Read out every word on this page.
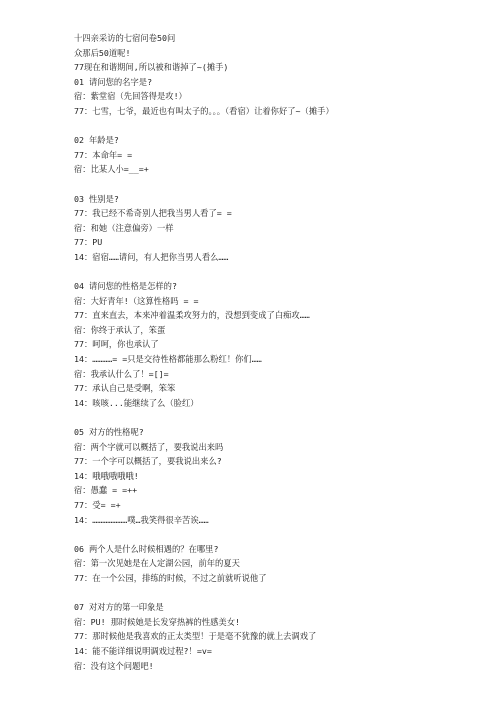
十四亲采访的七宿问卷50问
众那后50道呢!
77现在和谐期间,所以被和谐掉了~(摊手)
01 请问您的名字是?
宿：紫堂宿（先回答得是攻!）
77：七雪，七爷，最近也有叫太子的。。。（看宿）让着你好了~（摊手）
02 年龄是?
77：本命年= =
宿：比某人小=__=+
03 性别是?
77：我已经不希奇别人把我当男人看了= =
宿：和她（注意偏旁）一样
77：PU
14：宿宿……请问，有人把你当男人看么……
04 请问您的性格是怎样的?
宿：大好青年!（这算性格吗 = =
77：直来直去，本来冲着温柔攻努力的，没想到变成了白痴攻……
宿：你终于承认了，笨蛋
77：呵呵，你也承认了
14：…………= =只是交待性格都能那么粉红！你们……
宿：我承认什么了！=[]=
77：承认自己是受啊，笨笨
14：咳咳...能继续了么（脸红）
05 对方的性格呢?
宿：两个字就可以概括了，要我说出来吗
77：一个字可以概括了，要我说出来么?
14：哦哦哦哦哦!
宿：愚蠢 = =++
77：受= =+
14：…………………噗…我笑得很辛苦诶……
06 两个人是什么时候相遇的？在哪里?
宿：第一次见她是在人定湖公园，前年的夏天
77：在一个公园，排练的时候，不过之前就听说他了
07 对对方的第一印象是
宿：PU! 那时候她是长发穿热裤的性感美女!
77：那时候他是我喜欢的正太类型！于是毫不犹豫的就上去调戏了
14：能不能详细说明调戏过程?！=v=
宿：没有这个问题吧!
